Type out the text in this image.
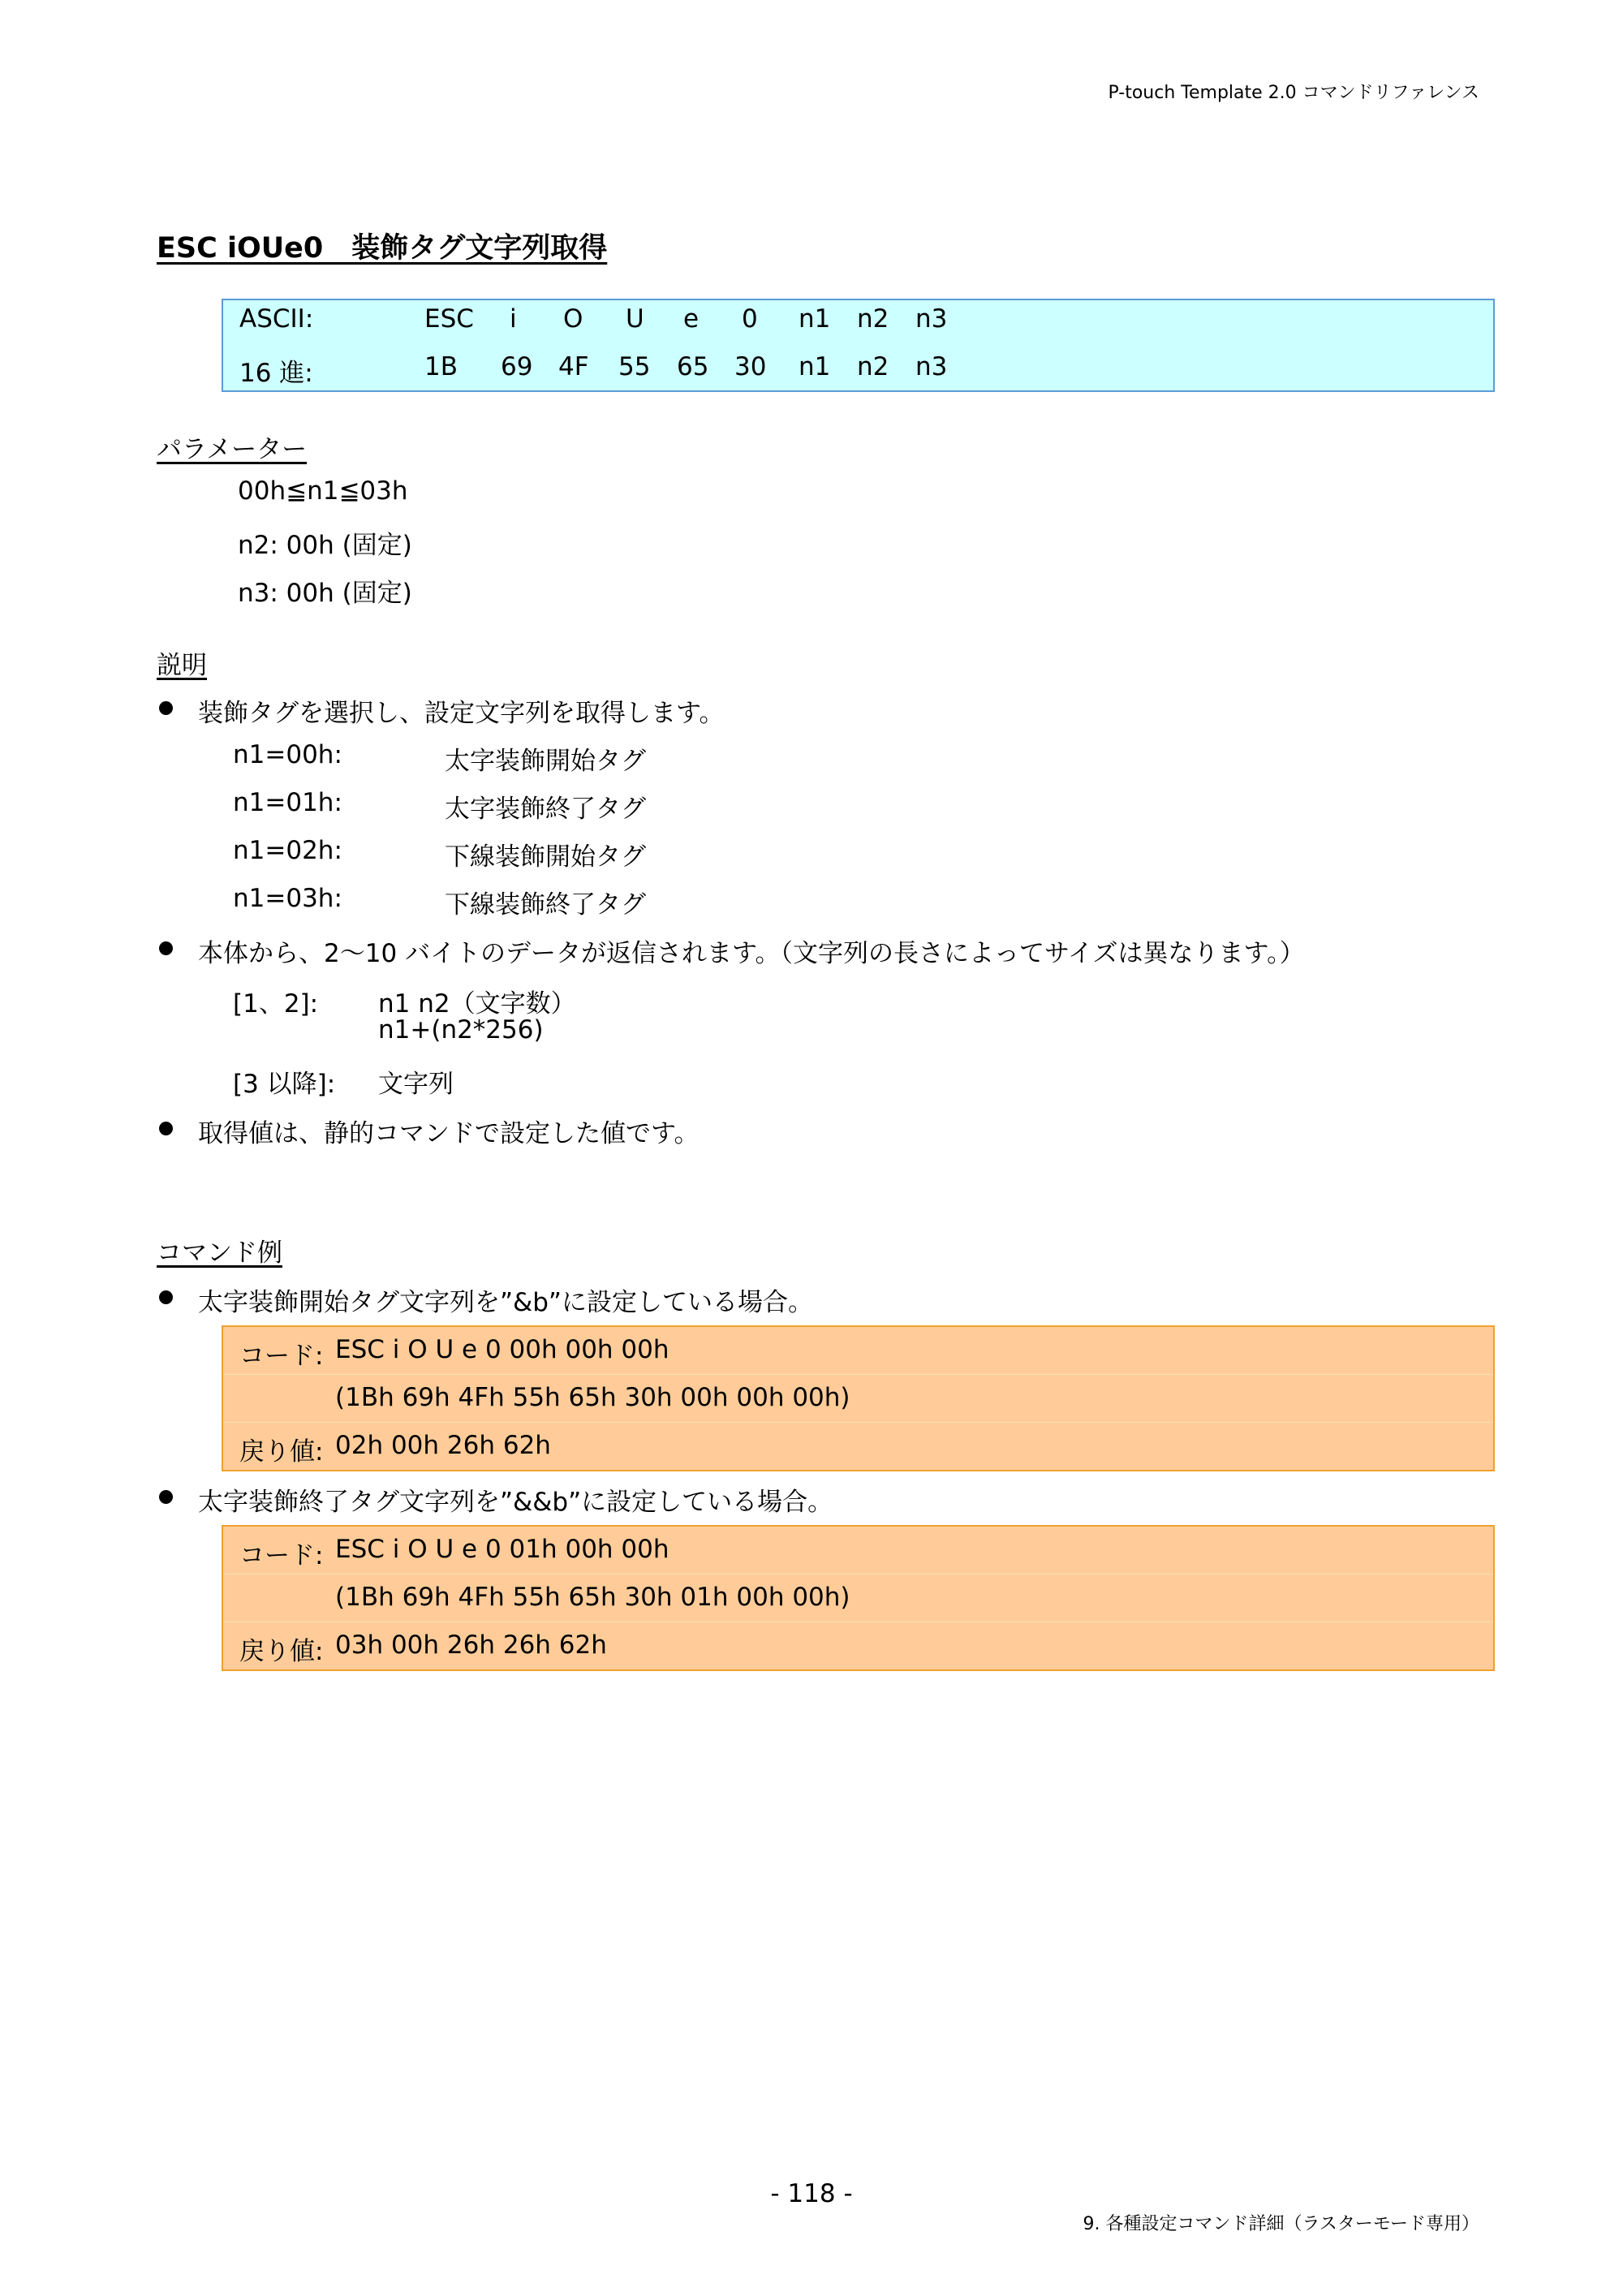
P-touch Template 2.0 コマンドリファレンス
ESC iOUe0　装飾タグ文字列取得
ASCII:	ESC i O U e 0 n1 n2 n3
16 進:	1B 69 4F 55 65 30 n1 n2 n3
パラメーター
00h≦n1≦03h
n2: 00h (固定)
n3: 00h (固定)
説明
装飾タグを選択し、設定文字列を取得します。
n1=00h:	太字装飾開始タグ
n1=01h:	太字装飾終了タグ
n1=02h:	下線装飾開始タグ
n1=03h:	下線装飾終了タグ
本体から、2～10 バイトのデータが返信されます。（文字列の長さによってサイズは異なります。）
[1、2]: n1 n2（文字数）
n1+(n2*256)
[3 以降]: 文字列
取得値は、静的コマンドで設定した値です。
コマンド例
太字装飾開始タグ文字列を”&b”に設定している場合。
コード: ESC i O U e 0 00h 00h 00h
(1Bh 69h 4Fh 55h 65h 30h 00h 00h 00h)
戻り値: 02h 00h 26h 62h
太字装飾終了タグ文字列を”&&b”に設定している場合。
コード: ESC i O U e 0 01h 00h 00h
(1Bh 69h 4Fh 55h 65h 30h 01h 00h 00h)
戻り値: 03h 00h 26h 26h 62h
- 118 -
9. 各種設定コマンド詳細（ラスターモード専用）
